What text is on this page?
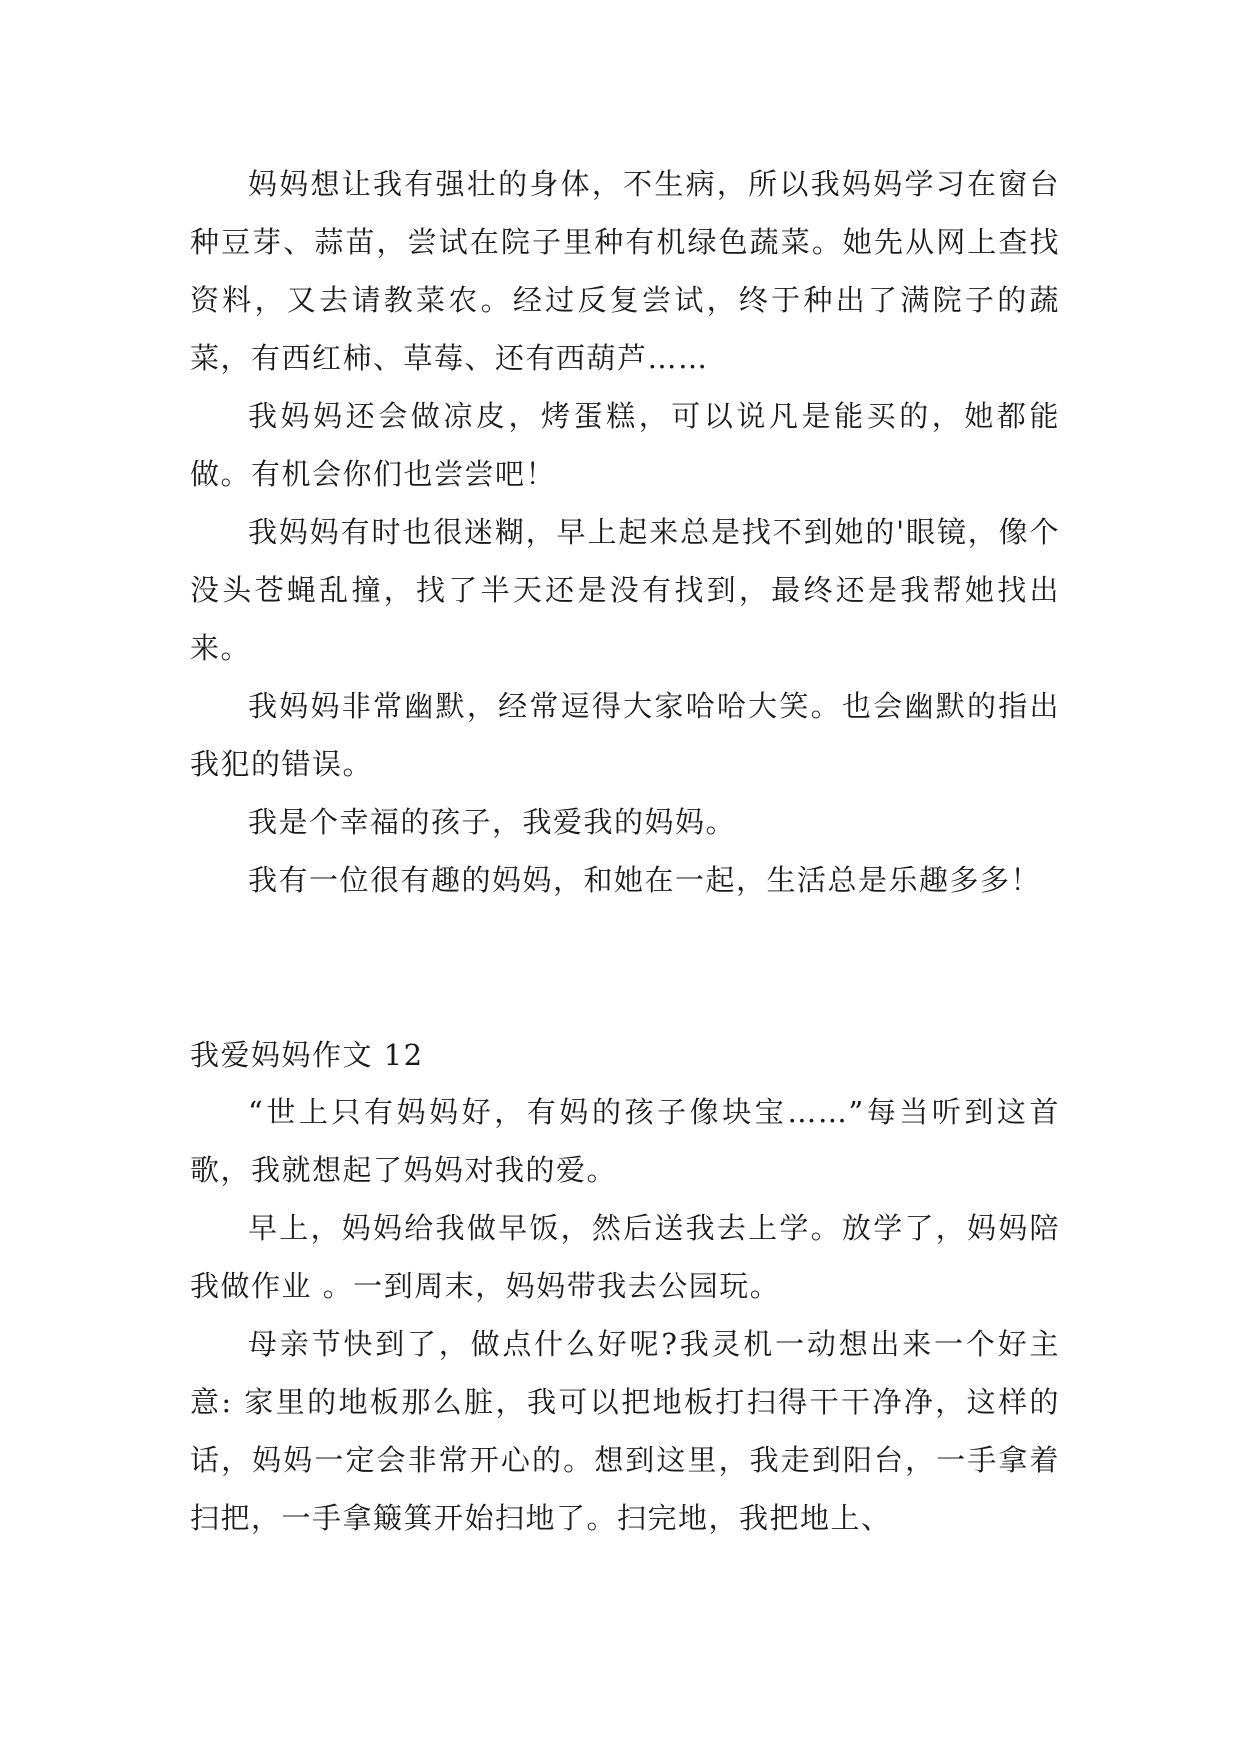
妈妈想让我有强壮的身体，不生病，所以我妈妈学习在窗台种豆芽、蒜苗，尝试在院子里种有机绿色蔬菜。她先从网上查找资料，又去请教菜农。经过反复尝试，终于种出了满院子的蔬菜，有西红柿、草莓、还有西葫芦……

我妈妈还会做凉皮，烤蛋糕，可以说凡是能买的，她都能做。有机会你们也尝尝吧！

我妈妈有时也很迷糊，早上起来总是找不到她的'眼镜，像个没头苍蝇乱撞，找了半天还是没有找到，最终还是我帮她找出来。

我妈妈非常幽默，经常逗得大家哈哈大笑。也会幽默的指出我犯的错误。

我是个幸福的孩子，我爱我的妈妈。

我有一位很有趣的妈妈，和她在一起，生活总是乐趣多多！

我爱妈妈作文 12

“世上只有妈妈好，有妈的孩子像块宝……”每当听到这首歌，我就想起了妈妈对我的爱。

早上，妈妈给我做早饭，然后送我去上学。放学了，妈妈陪我做作业 。一到周末，妈妈带我去公园玩。

母亲节快到了，做点什么好呢?我灵机一动想出来一个好主意: 家里的地板那么脏，我可以把地板打扫得干干净净，这样的话，妈妈一定会非常开心的。想到这里，我走到阳台，一手拿着扫把，一手拿簸箕开始扫地了。扫完地，我把地上、
